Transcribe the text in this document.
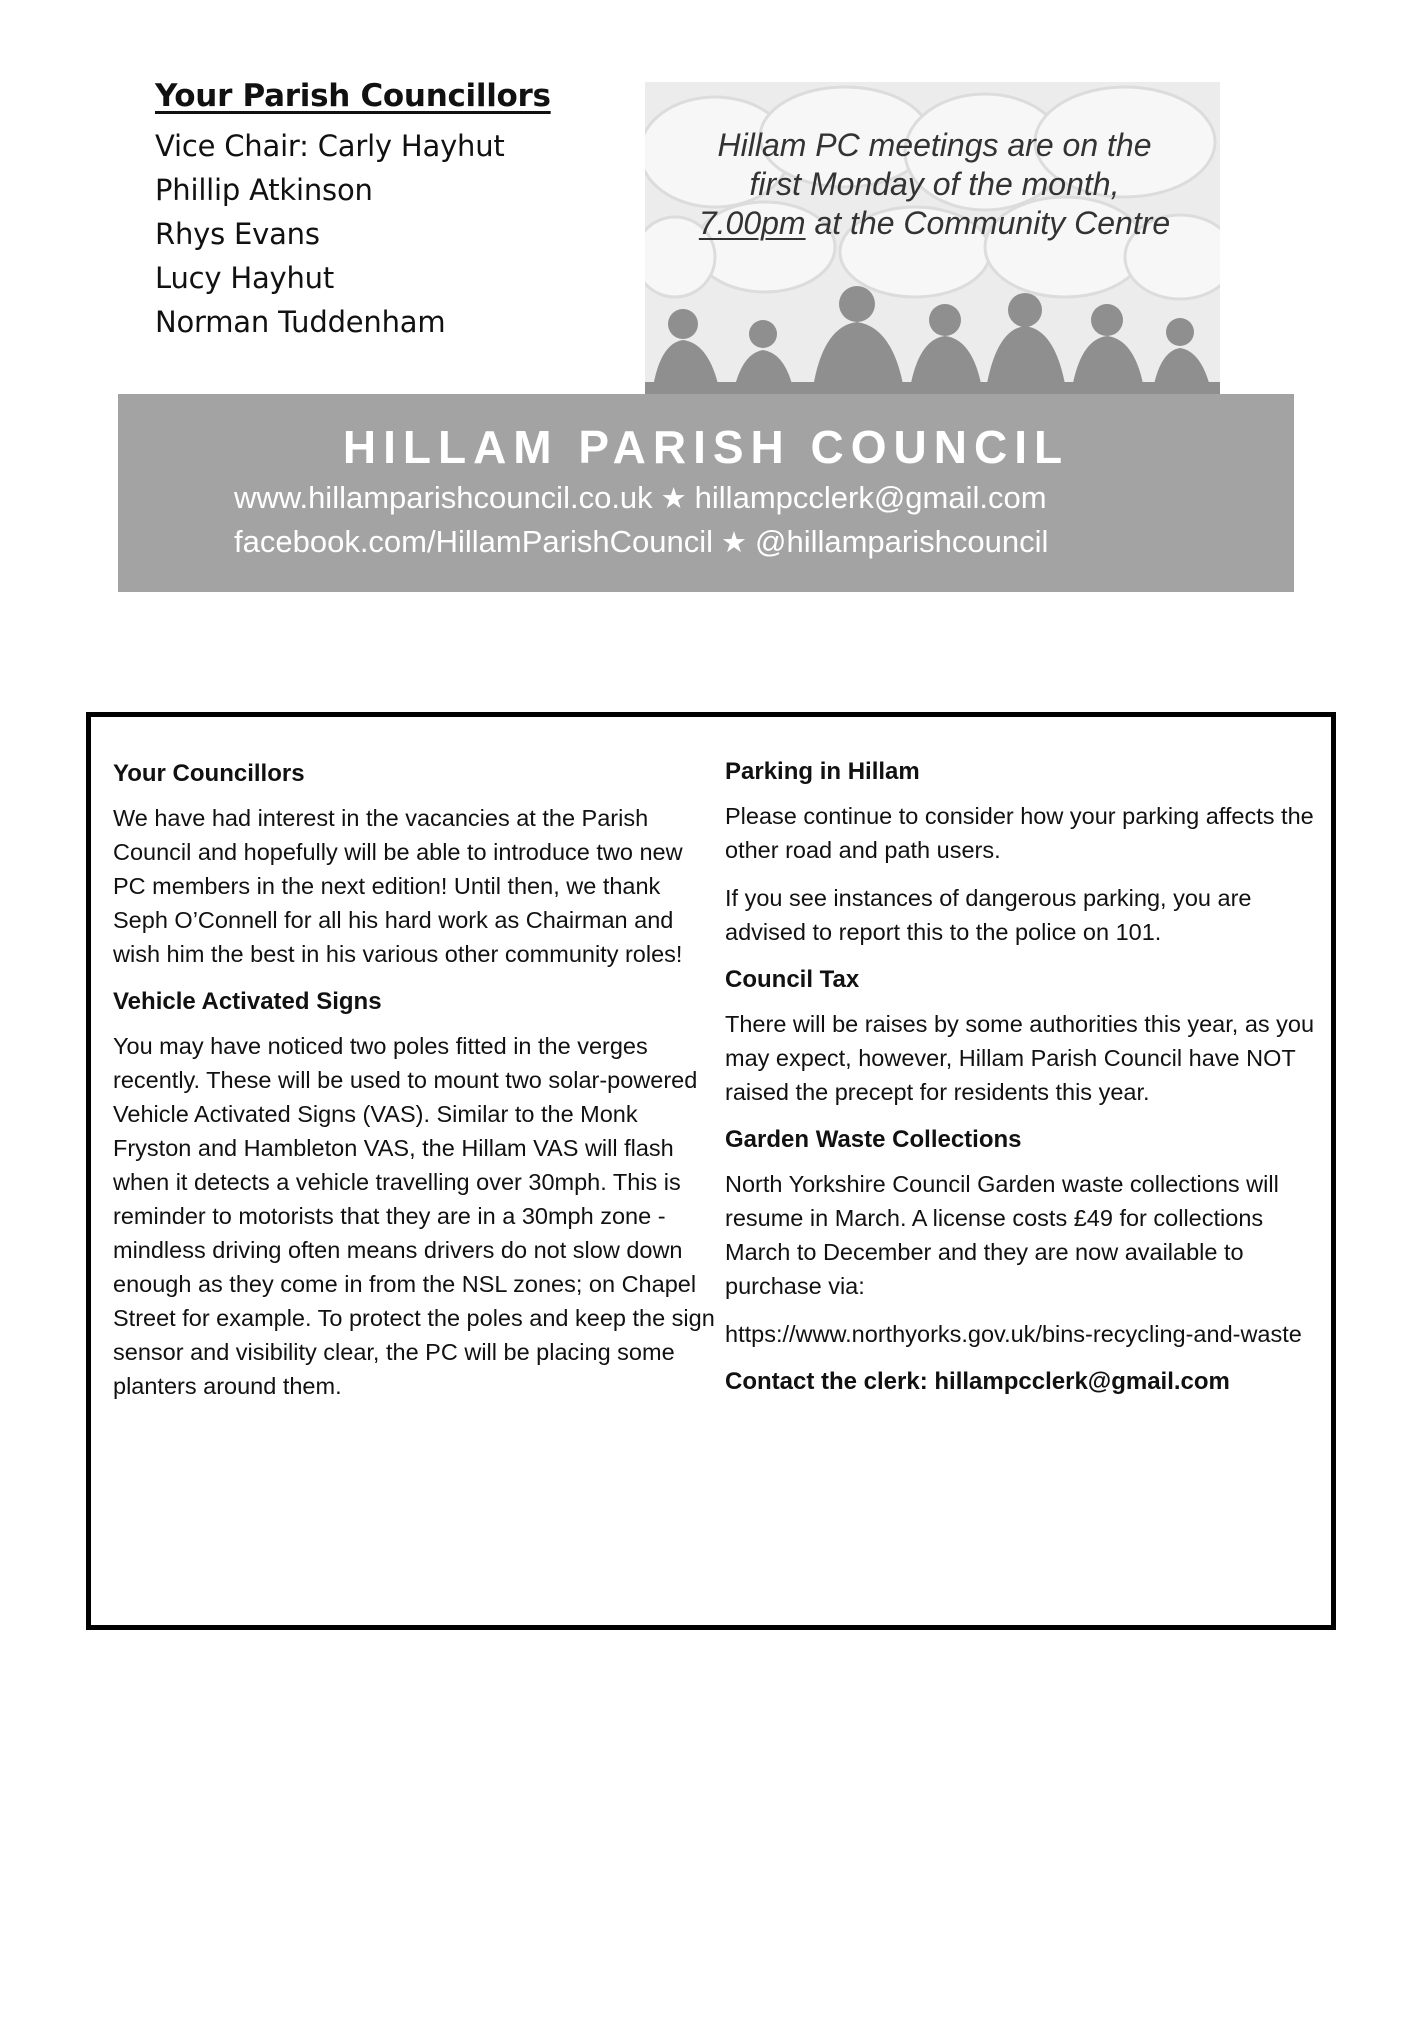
Your Parish Councillors
Vice Chair: Carly Hayhut
Phillip Atkinson
Rhys Evans
Lucy Hayhut
Norman Tuddenham
Hillam PC meetings are on the
first Monday of the month,
7.00pm at the Community Centre
HILLAM PARISH COUNCIL
www.hillamparishcouncil.co.uk ★ hillampcclerk@gmail.com
facebook.com/HillamParishCouncil ★ @hillamparishcouncil
Your Councillors

We have had interest in the vacancies at the Parish Council and hopefully will be able to introduce two new PC members in the next edition! Until then, we thank Seph O’Connell for all his hard work as Chairman and wish him the best in his various other community roles!

Vehicle Activated Signs

You may have noticed two poles fitted in the verges recently. These will be used to mount two solar-powered Vehicle Activated Signs (VAS). Similar to the Monk Fryston and Hambleton VAS, the Hillam VAS will flash when it detects a vehicle travelling over 30mph. This is reminder to motorists that they are in a 30mph zone - mindless driving often means drivers do not slow down enough as they come in from the NSL zones; on Chapel Street for example. To protect the poles and keep the sign sensor and visibility clear, the PC will be placing some planters around them.

Parking in Hillam

Please continue to consider how your parking affects the other road and path users.

If you see instances of dangerous parking, you are advised to report this to the police on 101.

Council Tax

There will be raises by some authorities this year, as you may expect, however, Hillam Parish Council have NOT raised the precept for residents this year.

Garden Waste Collections

North Yorkshire Council Garden waste collections will resume in March. A license costs £49 for collections March to December and they are now available to purchase via:

https://www.northyorks.gov.uk/bins-recycling-and-waste

Contact the clerk: hillampcclerk@gmail.com
